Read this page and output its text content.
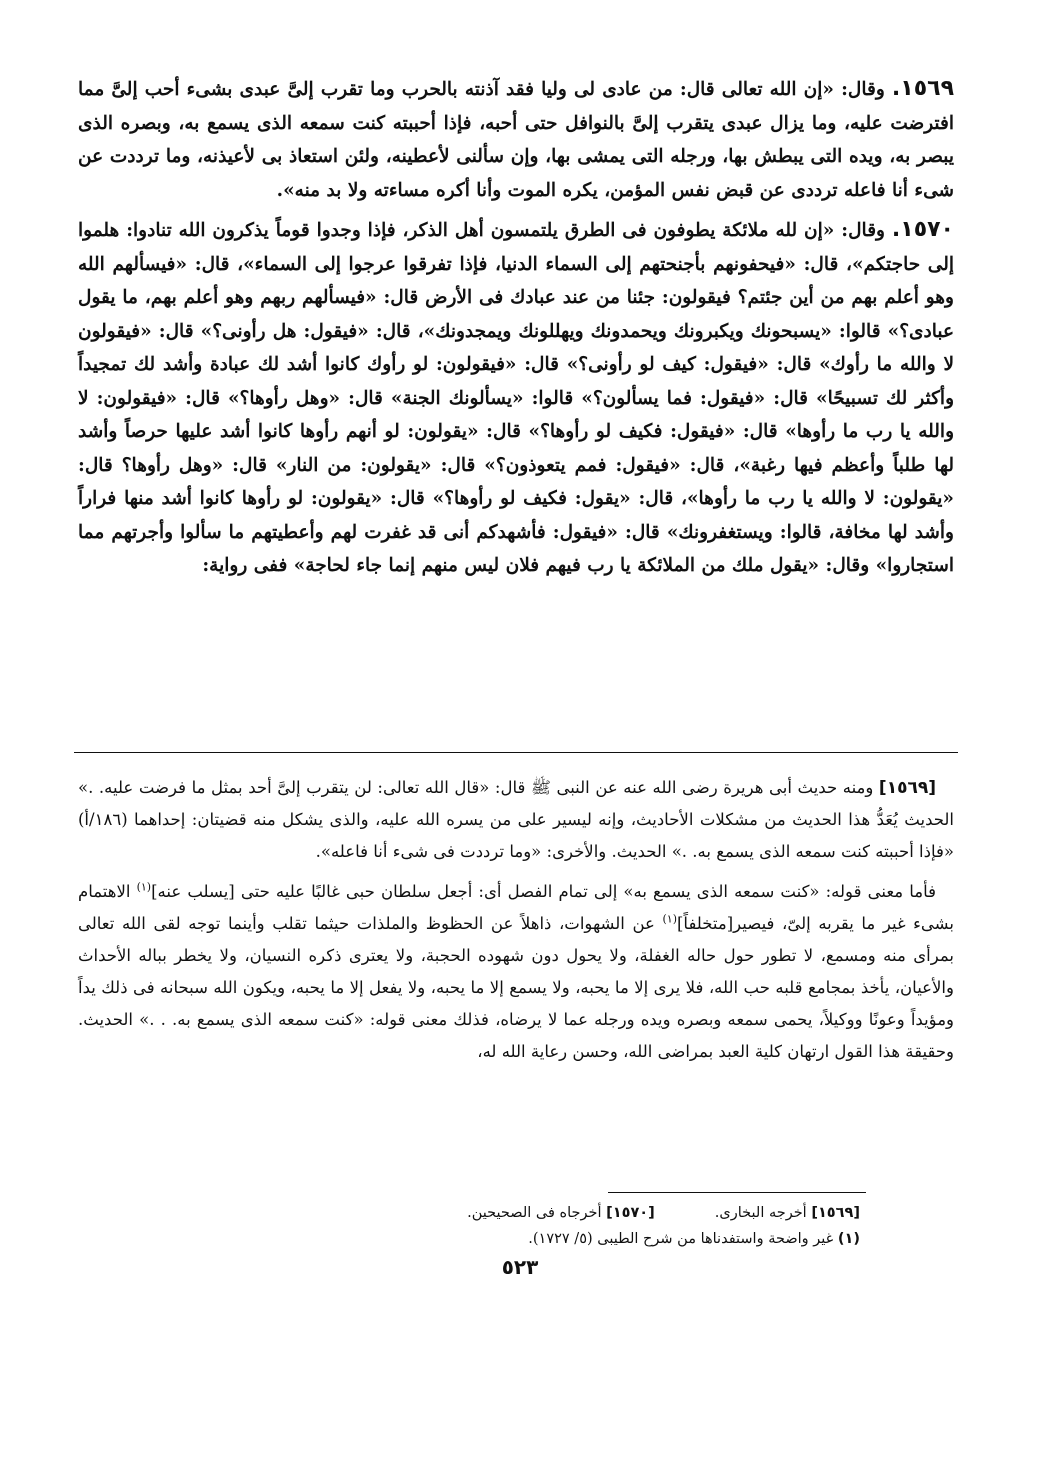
١٥٦٩. وقال: «إن الله تعالى قال: من عادى لى وليا فقد آذنته بالحرب وما تقرب إلىَّ عبدى بشىء أحب إلىَّ مما افترضت عليه، وما يزال عبدى يتقرب إلىَّ بالنوافل حتى أحبه، فإذا أحببته كنت سمعه الذى يسمع به، وبصره الذى يبصر به، ويده التى يبطش بها، ورجله التى يمشى بها، وإن سألنى لأعطينه، ولئن استعاذ بى لأعيذنه، وما ترددت عن شىء أنا فاعله ترددى عن قبض نفس المؤمن، يكره الموت وأنا أكره مساءته ولا بد منه».

١٥٧٠. وقال: «إن لله ملائكة يطوفون فى الطرق يلتمسون أهل الذكر، فإذا وجدوا قوماً يذكرون الله تنادوا: هلموا إلى حاجتكم»، قال: «فيحفونهم بأجنحتهم إلى السماء الدنيا، فإذا تفرقوا عرجوا إلى السماء»، قال: «فيسألهم الله وهو أعلم بهم من أين جئتم؟ فيقولون: جئنا من عند عبادك فى الأرض قال: «فيسألهم ربهم وهو أعلم بهم، ما يقول عبادى؟» قالوا: «يسبحونك ويكبرونك ويحمدونك ويهللونك ويمجدونك»، قال: «فيقول: هل رأونى؟» قال: «فيقولون لا والله ما رأوك» قال: «فيقول: كيف لو رأونى؟» قال: «فيقولون: لو رأوك كانوا أشد لك عبادة وأشد لك تمجيداً وأكثر لك تسبيحًا» قال: «فيقول: فما يسألون؟» قالوا: «يسألونك الجنة» قال: «وهل رأوها؟» قال: «فيقولون: لا والله يا رب ما رأوها» قال: «فيقول: فكيف لو رأوها؟» قال: «يقولون: لو أنهم رأوها كانوا أشد عليها حرصاً وأشد لها طلباً وأعظم فيها رغبة»، قال: «فيقول: فمم يتعوذون؟» قال: «يقولون: من النار» قال: «وهل رأوها؟ قال: «يقولون: لا والله يا رب ما رأوها»، قال: «يقول: فكيف لو رأوها؟» قال: «يقولون: لو رأوها كانوا أشد منها فراراً وأشد لها مخافة، قالوا: ويستغفرونك» قال: «فيقول: فأشهدكم أنى قد غفرت لهم وأعطيتهم ما سألوا وأجرتهم مما استجاروا» وقال: «يقول ملك من الملائكة يا رب فيهم فلان ليس منهم إنما جاء لحاجة» ففى رواية:

[١٥٦٩] ومنه حديث أبى هريرة رضى الله عنه عن النبى ﷺ قال: «قال الله تعالى: لن يتقرب إلىَّ أحد بمثل ما فرضت عليه. .» الحديث يُعَدُّ هذا الحديث من مشكلات الأحاديث، وإنه ليسير على من يسره الله عليه، والذى يشكل منه قضيتان: إحداهما (١٨٦/أ) «فإذا أحببته كنت سمعه الذى يسمع به. .» الحديث. والأخرى: «وما ترددت فى شىء أنا فاعله».

فأما معنى قوله: «كنت سمعه الذى يسمع به» إلى تمام الفصل أى: أجعل سلطان حبى غالبًا عليه حتى [يسلب عنه]$^{(١)}$ الاهتمام بشىء غير ما يقربه إلىّ، فيصير[متخلفاً]$^{(١)}$ عن الشهوات، ذاهلاً عن الحظوظ والملذات حيثما تقلب وأينما توجه لقى الله تعالى بمرأى منه ومسمع، لا تطور حول حاله الغفلة، ولا يحول دون شهوده الحجبة، ولا يعترى ذكره النسيان، ولا يخطر بباله الأحداث والأعيان، يأخذ بمجامع قلبه حب الله، فلا يرى إلا ما يحبه، ولا يسمع إلا ما يحبه، ولا يفعل إلا ما يحبه، ويكون الله سبحانه فى ذلك يداً ومؤيداً وعونًا ووكيلاً، يحمى سمعه وبصره ويده ورجله عما لا يرضاه، فذلك معنى قوله: «كنت سمعه الذى يسمع به. . .» الحديث. وحقيقة هذا القول ارتهان كلية العبد بمراضى الله، وحسن رعاية الله له،

[١٥٦٩] أخرجه البخارى.
[١٥٧٠] أخرجاه فى الصحيحين.
(١) غير واضحة واستفدناها من شرح الطيبى (٥/ ١٧٢٧).
٥٢٣
